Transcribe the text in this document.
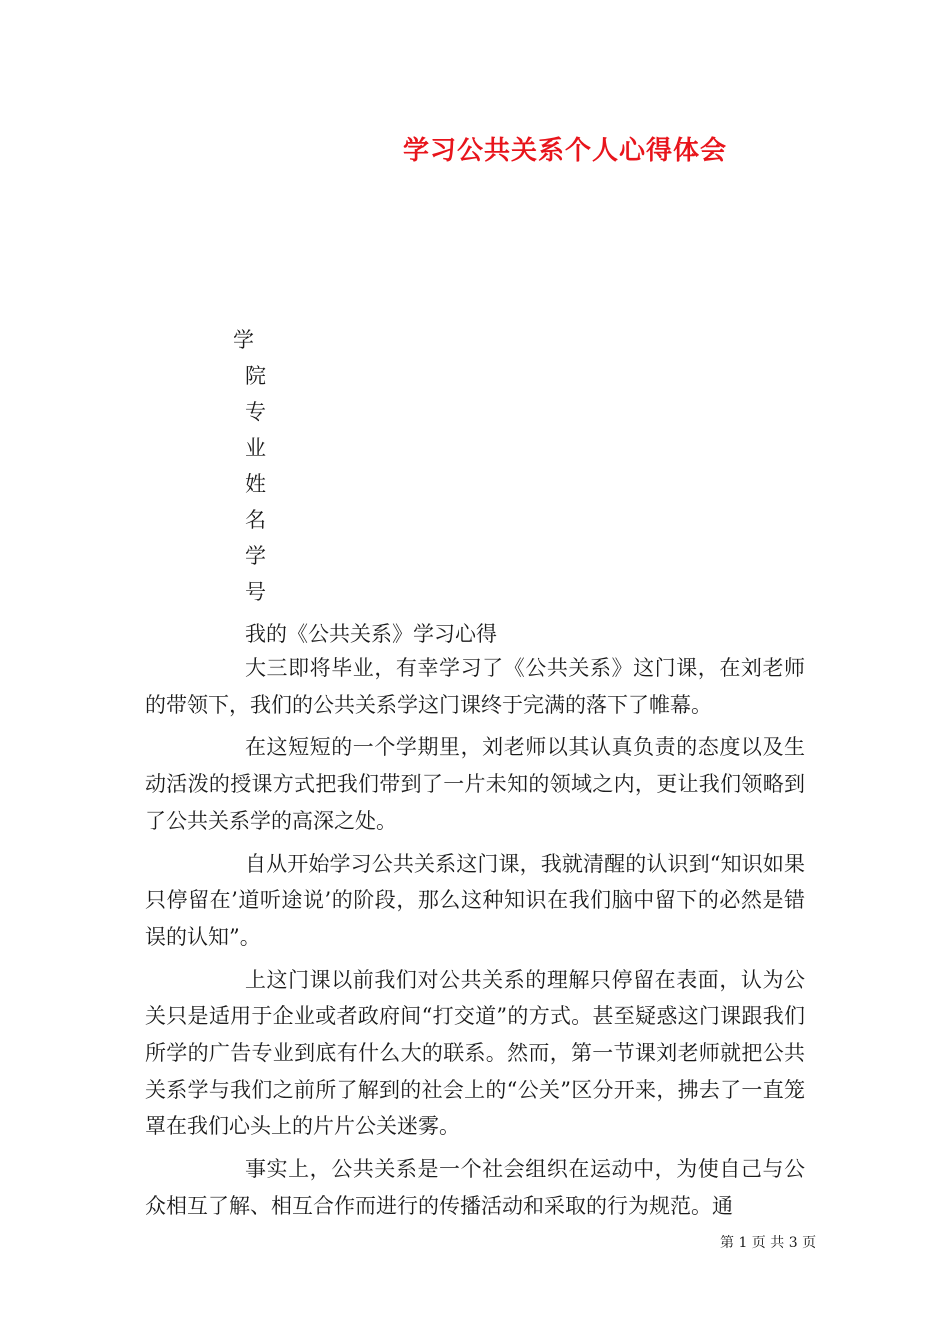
学习公共关系个人心得体会
学
院
专
业
姓
名
学
号
我的《公共关系》学习心得

大三即将毕业，有幸学习了《公共关系》这门课，在刘老师的带领下，我们的公共关系学这门课终于完满的落下了帷幕。

在这短短的一个学期里，刘老师以其认真负责的态度以及生动活泼的授课方式把我们带到了一片未知的领域之内，更让我们领略到了公共关系学的高深之处。

自从开始学习公共关系这门课，我就清醒的认识到“知识如果只停留在’道听途说’的阶段，那么这种知识在我们脑中留下的必然是错误的认知”。

上这门课以前我们对公共关系的理解只停留在表面，认为公关只是适用于企业或者政府间“打交道”的方式。甚至疑惑这门课跟我们所学的广告专业到底有什么大的联系。然而，第一节课刘老师就把公共关系学与我们之前所了解到的社会上的“公关”区分开来，拂去了一直笼罩在我们心头上的片片公关迷雾。

事实上，公共关系是一个社会组织在运动中，为使自己与公众相互了解、相互合作而进行的传播活动和采取的行为规范。通

第 1 页 共 3 页
